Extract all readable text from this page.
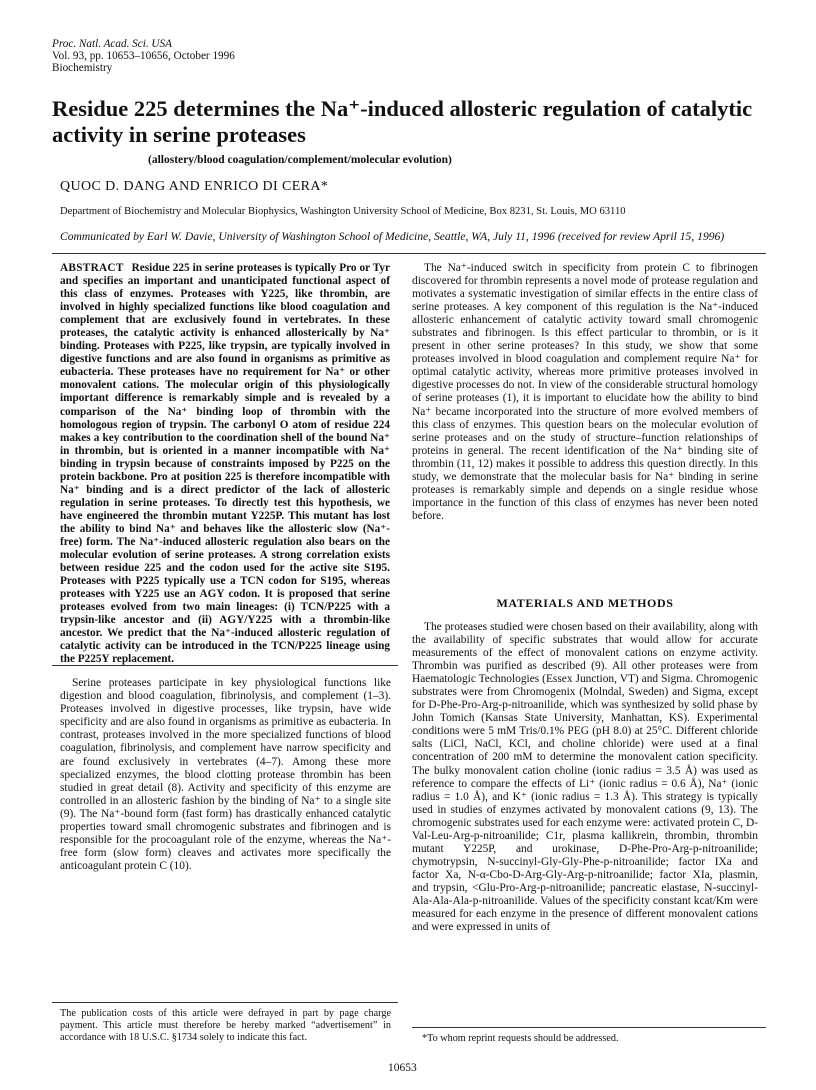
Proc. Natl. Acad. Sci. USA
Vol. 93, pp. 10653–10656, October 1996
Biochemistry
Residue 225 determines the Na⁺-induced allosteric regulation of catalytic activity in serine proteases
(allostery/blood coagulation/complement/molecular evolution)
QUOC D. DANG AND ENRICO DI CERA*
Department of Biochemistry and Molecular Biophysics, Washington University School of Medicine, Box 8231, St. Louis, MO 63110
Communicated by Earl W. Davie, University of Washington School of Medicine, Seattle, WA, July 11, 1996 (received for review April 15, 1996)
ABSTRACT Residue 225 in serine proteases is typically Pro or Tyr and specifies an important and unanticipated functional aspect of this class of enzymes. Proteases with Y225, like thrombin, are involved in highly specialized functions like blood coagulation and complement that are exclusively found in vertebrates. In these proteases, the catalytic activity is enhanced allosterically by Na⁺ binding. Proteases with P225, like trypsin, are typically involved in digestive functions and are also found in organisms as primitive as eubacteria. These proteases have no requirement for Na⁺ or other monovalent cations. The molecular origin of this physiologically important difference is remarkably simple and is revealed by a comparison of the Na⁺ binding loop of thrombin with the homologous region of trypsin. The carbonyl O atom of residue 224 makes a key contribution to the coordination shell of the bound Na⁺ in thrombin, but is oriented in a manner incompatible with Na⁺ binding in trypsin because of constraints imposed by P225 on the protein backbone. Pro at position 225 is therefore incompatible with Na⁺ binding and is a direct predictor of the lack of allosteric regulation in serine proteases. To directly test this hypothesis, we have engineered the thrombin mutant Y225P. This mutant has lost the ability to bind Na⁺ and behaves like the allosteric slow (Na⁺-free) form. The Na⁺-induced allosteric regulation also bears on the molecular evolution of serine proteases. A strong correlation exists between residue 225 and the codon used for the active site S195. Proteases with P225 typically use a TCN codon for S195, whereas proteases with Y225 use an AGY codon. It is proposed that serine proteases evolved from two main lineages: (i) TCN/P225 with a trypsin-like ancestor and (ii) AGY/Y225 with a thrombin-like ancestor. We predict that the Na⁺-induced allosteric regulation of catalytic activity can be introduced in the TCN/P225 lineage using the P225Y replacement.

Serine proteases participate in key physiological functions like digestion and blood coagulation, fibrinolysis, and complement (1–3). Proteases involved in digestive processes, like trypsin, have wide specificity and are also found in organisms as primitive as eubacteria. In contrast, proteases involved in the more specialized functions of blood coagulation, fibrinolysis, and complement have narrow specificity and are found exclusively in vertebrates (4–7). Among these more specialized enzymes, the blood clotting protease thrombin has been studied in great detail (8). Activity and specificity of this enzyme are controlled in an allosteric fashion by the binding of Na⁺ to a single site (9). The Na⁺-bound form (fast form) has drastically enhanced catalytic properties toward small chromogenic substrates and fibrinogen and is responsible for the procoagulant role of the enzyme, whereas the Na⁺-free form (slow form) cleaves and activates more specifically the anticoagulant protein C (10).

The publication costs of this article were defrayed in part by page charge payment. This article must therefore be hereby marked “advertisement” in accordance with 18 U.S.C. §1734 solely to indicate this fact.

The Na⁺-induced switch in specificity from protein C to fibrinogen discovered for thrombin represents a novel mode of protease regulation and motivates a systematic investigation of similar effects in the entire class of serine proteases. A key component of this regulation is the Na⁺-induced allosteric enhancement of catalytic activity toward small chromogenic substrates and fibrinogen. Is this effect particular to thrombin, or is it present in other serine proteases? In this study, we show that some proteases involved in blood coagulation and complement require Na⁺ for optimal catalytic activity, whereas more primitive proteases involved in digestive processes do not. In view of the considerable structural homology of serine proteases (1), it is important to elucidate how the ability to bind Na⁺ became incorporated into the structure of more evolved members of this class of enzymes. This question bears on the molecular evolution of serine proteases and on the study of structure–function relationships of proteins in general. The recent identification of the Na⁺ binding site of thrombin (11, 12) makes it possible to address this question directly. In this study, we demonstrate that the molecular basis for Na⁺ binding in serine proteases is remarkably simple and depends on a single residue whose importance in the function of this class of enzymes has never been noted before.

MATERIALS AND METHODS

The proteases studied were chosen based on their availability, along with the availability of specific substrates that would allow for accurate measurements of the effect of monovalent cations on enzyme activity. Thrombin was purified as described (9). All other proteases were from Haematologic Technologies (Essex Junction, VT) and Sigma. Chromogenic substrates were from Chromogenix (Molndal, Sweden) and Sigma, except for D-Phe-Pro-Arg-p-nitroanilide, which was synthesized by solid phase by John Tomich (Kansas State University, Manhattan, KS). Experimental conditions were 5 mM Tris/0.1% PEG (pH 8.0) at 25°C. Different chloride salts (LiCl, NaCl, KCl, and choline chloride) were used at a final concentration of 200 mM to determine the monovalent cation specificity. The bulky monovalent cation choline (ionic radius = 3.5 Å) was used as reference to compare the effects of Li⁺ (ionic radius = 0.6 Å), Na⁺ (ionic radius = 1.0 Å), and K⁺ (ionic radius = 1.3 Å). This strategy is typically used in studies of enzymes activated by monovalent cations (9, 13). The chromogenic substrates used for each enzyme were: activated protein C, D-Val-Leu-Arg-p-nitroanilide; C1r, plasma kallikrein, thrombin, thrombin mutant Y225P, and urokinase, D-Phe-Pro-Arg-p-nitroanilide; chymotrypsin, N-succinyl-Gly-Gly-Phe-p-nitroanilide; factor IXa and factor Xa, N-α-Cbo-D-Arg-Gly-Arg-p-nitroanilide; factor XIa, plasmin, and trypsin, <Glu-Pro-Arg-p-nitroanilide; pancreatic elastase, N-succinyl-Ala-Ala-Ala-p-nitroanilide. Values of the specificity constant kcat/Km were measured for each enzyme in the presence of different monovalent cations and were expressed in units of

*To whom reprint requests should be addressed.
10653
